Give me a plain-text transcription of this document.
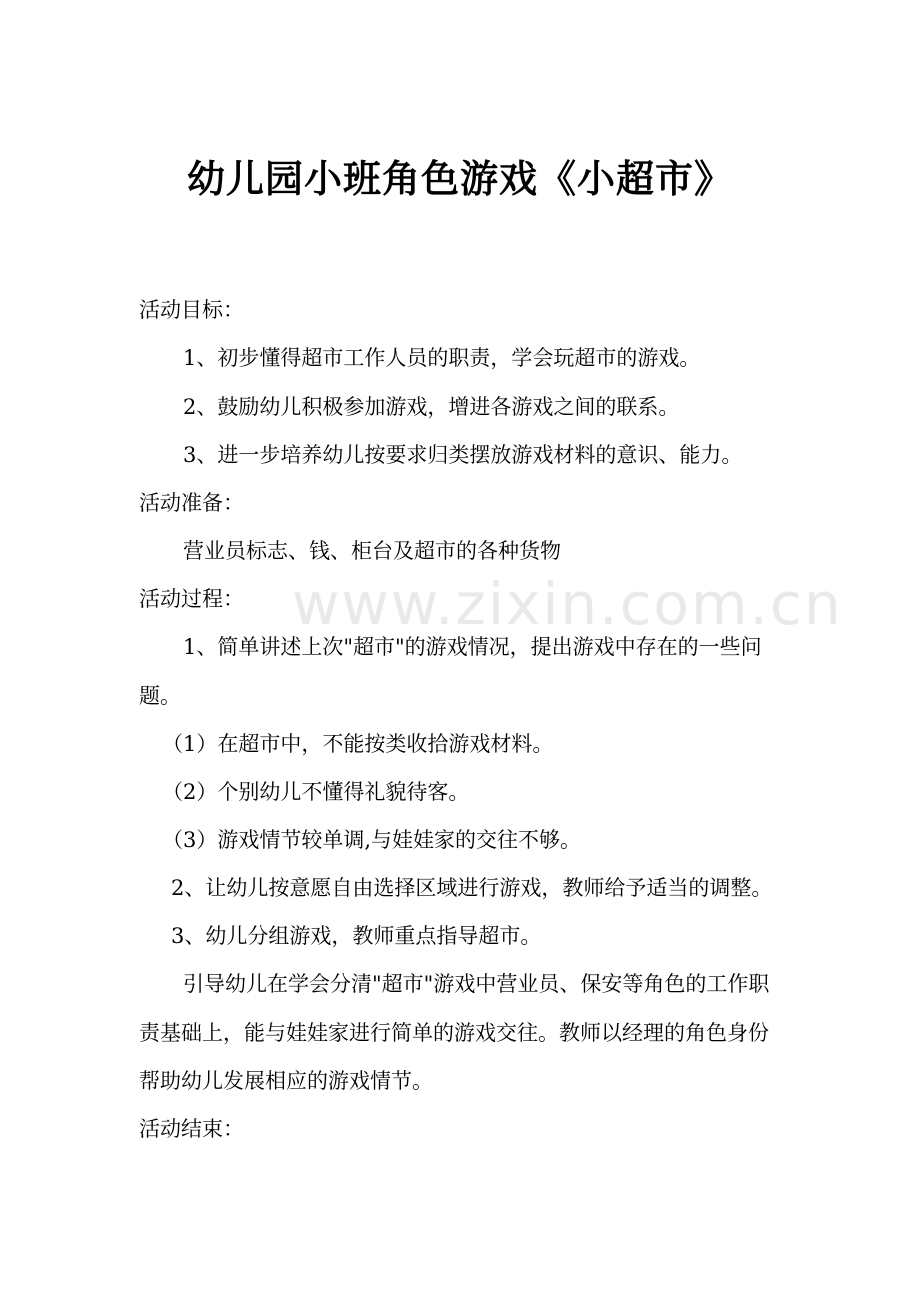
www.zixin.com.cn
幼儿园小班角色游戏《小超市》
活动目标：
1、初步懂得超市工作人员的职责，学会玩超市的游戏。
2、鼓励幼儿积极参加游戏，增进各游戏之间的联系。
3、进一步培养幼儿按要求归类摆放游戏材料的意识、能力。
活动准备：
营业员标志、钱、柜台及超市的各种货物
活动过程：
1、简单讲述上次"超市"的游戏情况，提出游戏中存在的一些问
题。
（1）在超市中，不能按类收拾游戏材料。
（2）个别幼儿不懂得礼貌待客。
（3）游戏情节较单调,与娃娃家的交往不够。
2、让幼儿按意愿自由选择区域进行游戏，教师给予适当的调整。
3、幼儿分组游戏，教师重点指导超市。
引导幼儿在学会分清"超市"游戏中营业员、保安等角色的工作职
责基础上，能与娃娃家进行简单的游戏交往。教师以经理的角色身份
帮助幼儿发展相应的游戏情节。
活动结束：
